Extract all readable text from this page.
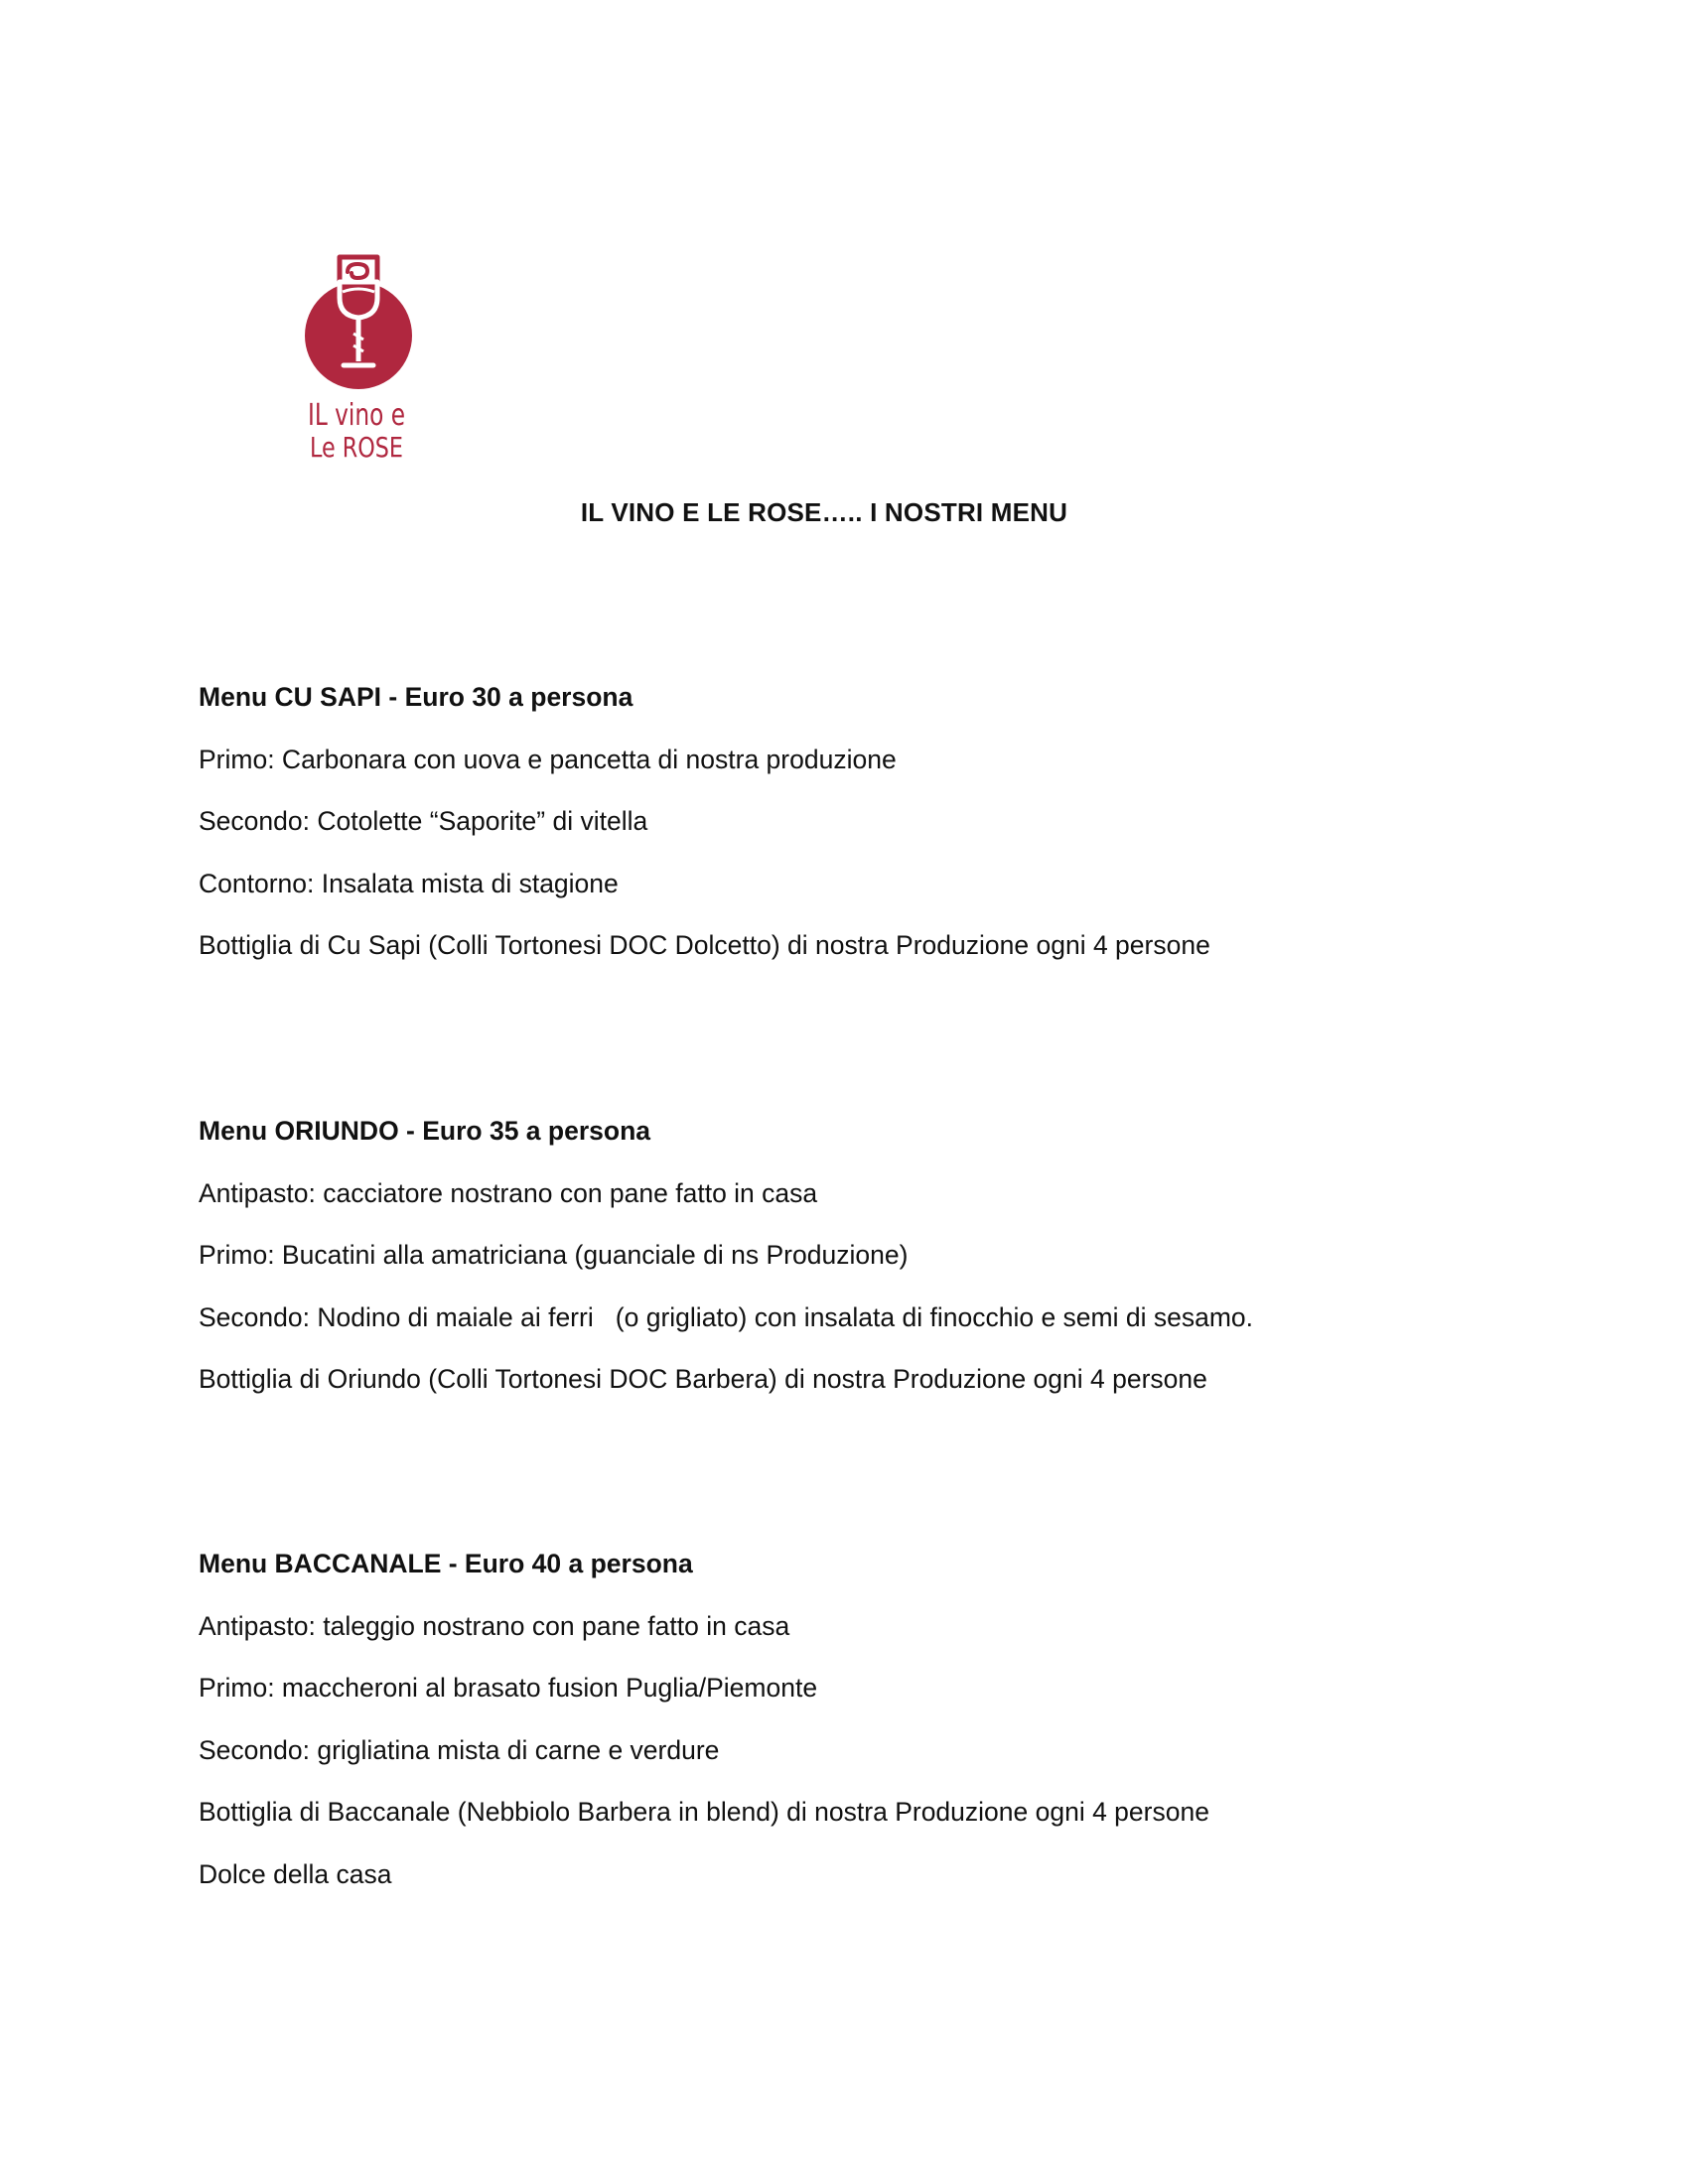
IL vino e
Le ROSE
IL VINO E LE ROSE….. I NOSTRI MENU
Menu CU SAPI - Euro 30 a persona
Primo: Carbonara con uova e pancetta di nostra produzione
Secondo: Cotolette “Saporite” di vitella
Contorno: Insalata mista di stagione
Bottiglia di Cu Sapi (Colli Tortonesi DOC Dolcetto) di nostra Produzione ogni 4 persone
Menu ORIUNDO - Euro 35 a persona
Antipasto: cacciatore nostrano con pane fatto in casa
Primo: Bucatini alla amatriciana (guanciale di ns Produzione)
Secondo: Nodino di maiale ai ferri   (o grigliato) con insalata di finocchio e semi di sesamo.
Bottiglia di Oriundo (Colli Tortonesi DOC Barbera) di nostra Produzione ogni 4 persone
Menu BACCANALE - Euro 40 a persona
Antipasto: taleggio nostrano con pane fatto in casa
Primo: maccheroni al brasato fusion Puglia/Piemonte
Secondo: grigliatina mista di carne e verdure
Bottiglia di Baccanale (Nebbiolo Barbera in blend) di nostra Produzione ogni 4 persone
Dolce della casa
